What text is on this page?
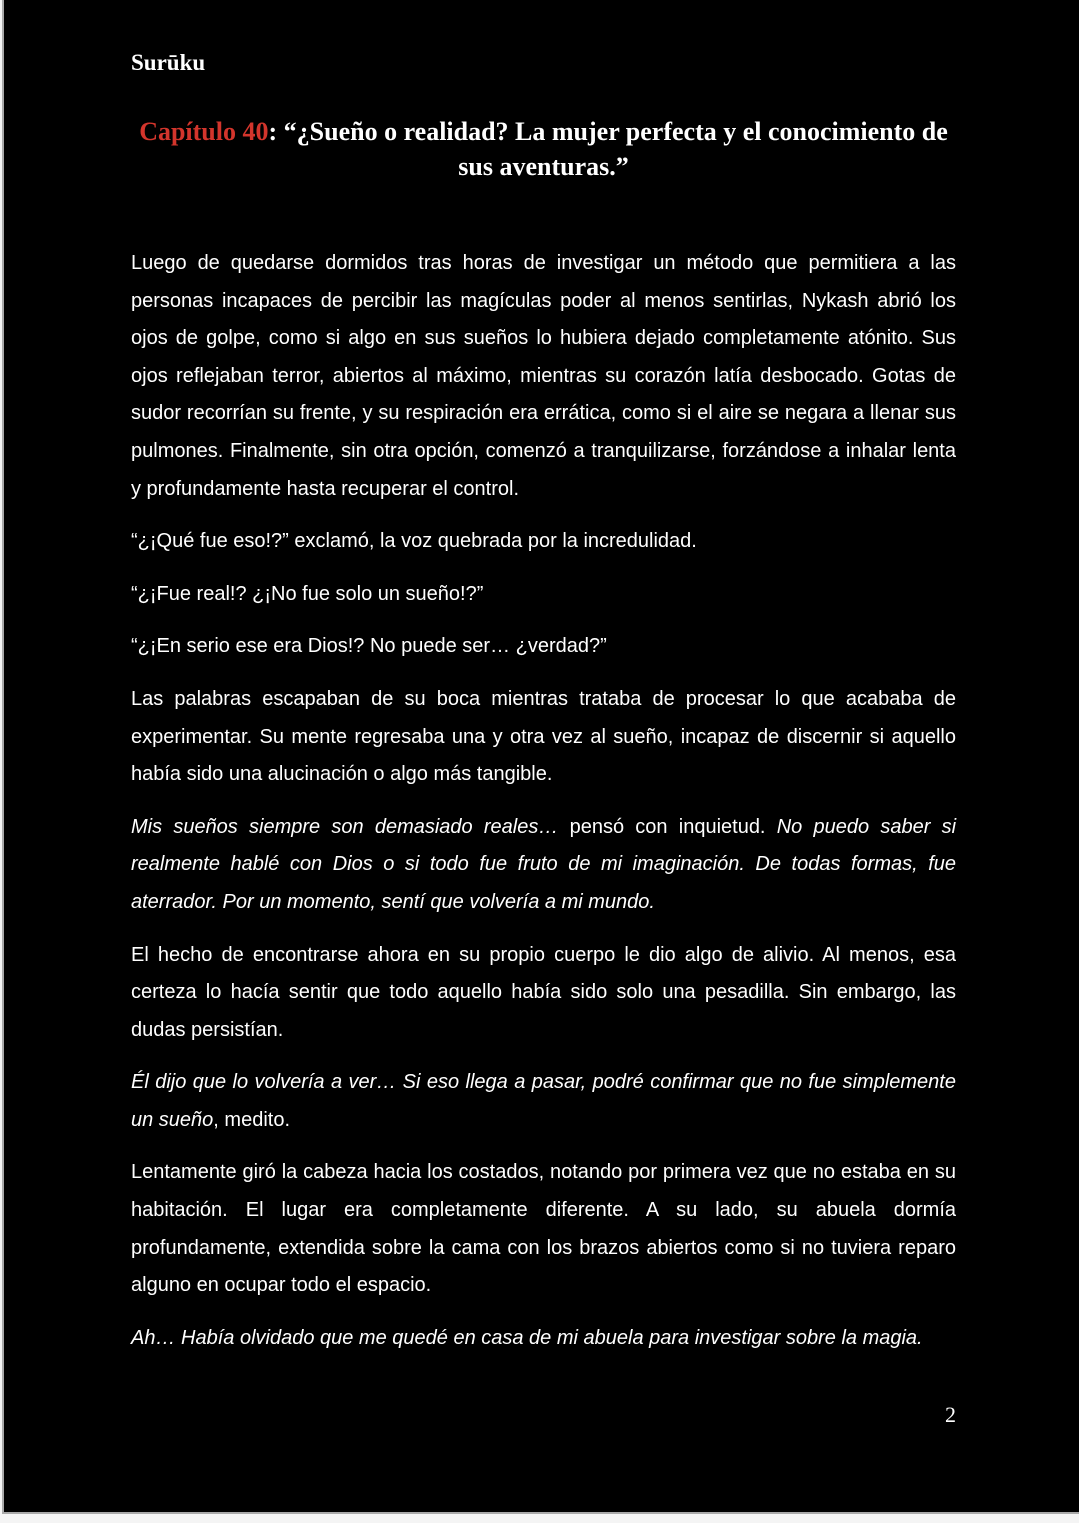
Surūku
Capítulo 40: “¿Sueño o realidad? La mujer perfecta y el conocimiento de sus aventuras.”

Luego de quedarse dormidos tras horas de investigar un método que permitiera a las personas incapaces de percibir las magículas poder al menos sentirlas, Nykash abrió los ojos de golpe, como si algo en sus sueños lo hubiera dejado completamente atónito. Sus ojos reflejaban terror, abiertos al máximo, mientras su corazón latía desbocado. Gotas de sudor recorrían su frente, y su respiración era errática, como si el aire se negara a llenar sus pulmones. Finalmente, sin otra opción, comenzó a tranquilizarse, forzándose a inhalar lenta y profundamente hasta recuperar el control.

“¿¡Qué fue eso!?” exclamó, la voz quebrada por la incredulidad.

“¿¡Fue real!? ¿¡No fue solo un sueño!?”

“¿¡En serio ese era Dios!? No puede ser… ¿verdad?”

Las palabras escapaban de su boca mientras trataba de procesar lo que acababa de experimentar. Su mente regresaba una y otra vez al sueño, incapaz de discernir si aquello había sido una alucinación o algo más tangible.

Mis sueños siempre son demasiado reales… pensó con inquietud. No puedo saber si realmente hablé con Dios o si todo fue fruto de mi imaginación. De todas formas, fue aterrador. Por un momento, sentí que volvería a mi mundo.

El hecho de encontrarse ahora en su propio cuerpo le dio algo de alivio. Al menos, esa certeza lo hacía sentir que todo aquello había sido solo una pesadilla. Sin embargo, las dudas persistían.

Él dijo que lo volvería a ver… Si eso llega a pasar, podré confirmar que no fue simplemente un sueño, medito.

Lentamente giró la cabeza hacia los costados, notando por primera vez que no estaba en su habitación. El lugar era completamente diferente. A su lado, su abuela dormía profundamente, extendida sobre la cama con los brazos abiertos como si no tuviera reparo alguno en ocupar todo el espacio.

Ah… Había olvidado que me quedé en casa de mi abuela para investigar sobre la magia.

2
